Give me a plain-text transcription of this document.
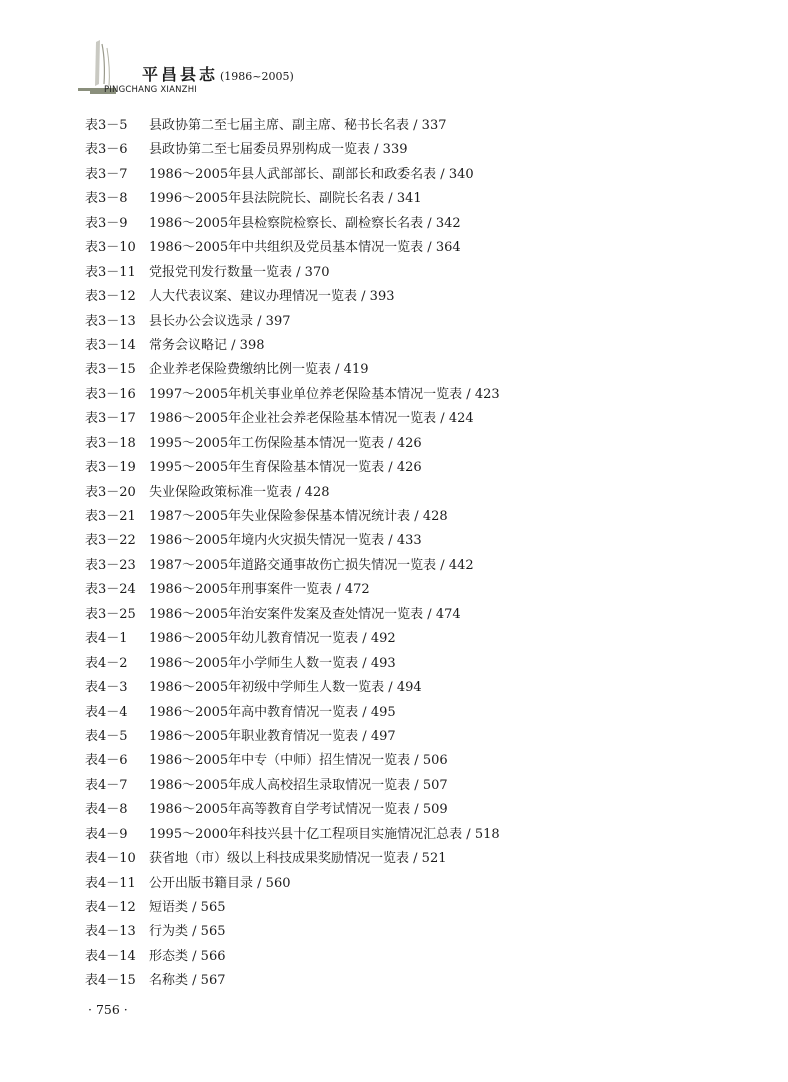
平昌县志 (1986~2005)
PINGCHANG XIANZHI
表3－5 县政协第二至七届主席、副主席、秘书长名表 / 337
表3－6 县政协第二至七届委员界别构成一览表 / 339
表3－7 1986～2005年县人武部部长、副部长和政委名表 / 340
表3－8 1996～2005年县法院院长、副院长名表 / 341
表3－9 1986～2005年县检察院检察长、副检察长名表 / 342
表3－10 1986～2005年中共组织及党员基本情况一览表 / 364
表3－11 党报党刊发行数量一览表 / 370
表3－12 人大代表议案、建议办理情况一览表 / 393
表3－13 县长办公会议选录 / 397
表3－14 常务会议略记 / 398
表3－15 企业养老保险费缴纳比例一览表 / 419
表3－16 1997～2005年机关事业单位养老保险基本情况一览表 / 423
表3－17 1986～2005年企业社会养老保险基本情况一览表 / 424
表3－18 1995～2005年工伤保险基本情况一览表 / 426
表3－19 1995～2005年生育保险基本情况一览表 / 426
表3－20 失业保险政策标准一览表 / 428
表3－21 1987～2005年失业保险参保基本情况统计表 / 428
表3－22 1986～2005年境内火灾损失情况一览表 / 433
表3－23 1987～2005年道路交通事故伤亡损失情况一览表 / 442
表3－24 1986～2005年刑事案件一览表 / 472
表3－25 1986～2005年治安案件发案及查处情况一览表 / 474
表4－1 1986～2005年幼儿教育情况一览表 / 492
表4－2 1986～2005年小学师生人数一览表 / 493
表4－3 1986～2005年初级中学师生人数一览表 / 494
表4－4 1986～2005年高中教育情况一览表 / 495
表4－5 1986～2005年职业教育情况一览表 / 497
表4－6 1986～2005年中专（中师）招生情况一览表 / 506
表4－7 1986～2005年成人高校招生录取情况一览表 / 507
表4－8 1986～2005年高等教育自学考试情况一览表 / 509
表4－9 1995～2000年科技兴县十亿工程项目实施情况汇总表 / 518
表4－10 获省地（市）级以上科技成果奖励情况一览表 / 521
表4－11 公开出版书籍目录 / 560
表4－12 短语类 / 565
表4－13 行为类 / 565
表4－14 形态类 / 566
表4－15 名称类 / 567
· 756 ·
